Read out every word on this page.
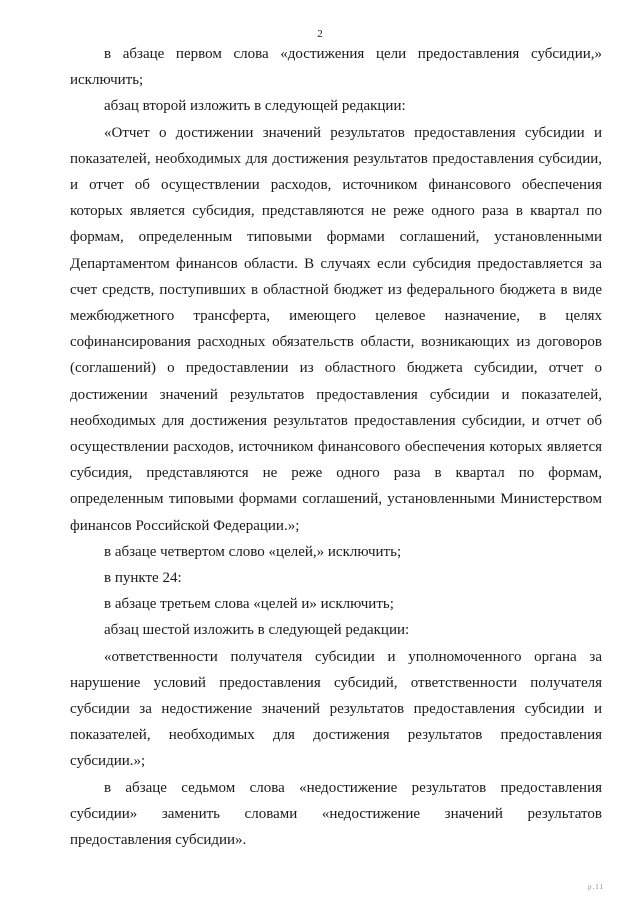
2

в абзаце первом слова «достижения цели предоставления субсидии,» исключить;

абзац второй изложить в следующей редакции:

«Отчет о достижении значений результатов предоставления субсидии и показателей, необходимых для достижения результатов предоставления субсидии, и отчет об осуществлении расходов, источником финансового обеспечения которых является субсидия, представляются не реже одного раза в квартал по формам, определенным типовыми формами соглашений, установленными Департаментом финансов области. В случаях если субсидия предоставляется за счет средств, поступивших в областной бюджет из федерального бюджета в виде межбюджетного трансферта, имеющего целевое назначение, в целях софинансирования расходных обязательств области, возникающих из договоров (соглашений) о предоставлении из областного бюджета субсидии, отчет о достижении значений результатов предоставления субсидии и показателей, необходимых для достижения результатов предоставления субсидии, и отчет об осуществлении расходов, источником финансового обеспечения которых является субсидия, представляются не реже одного раза в квартал по формам, определенным типовыми формами соглашений, установленными Министерством финансов Российской Федерации.»;

в абзаце четвертом слово «целей,» исключить;

в пункте 24:

в абзаце третьем слова «целей и» исключить;

абзац шестой изложить в следующей редакции:

«ответственности получателя субсидии и уполномоченного органа за нарушение условий предоставления субсидий, ответственности получателя субсидии за недостижение значений результатов предоставления субсидии и показателей, необходимых для достижения результатов предоставления субсидии.»;

в абзаце седьмом слова «недостижение результатов предоставления субсидии» заменить словами «недостижение значений результатов предоставления субсидии».

р.11
